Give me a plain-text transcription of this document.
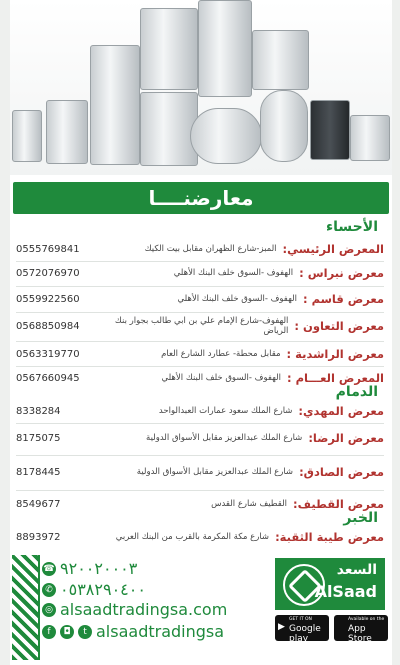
معارضنــــا
الأحساء
المعرض الرئيسي:
المبز-شارع الظهران مقابل بيت الكيك
0555769841
معرض نبراس :
الهفوف -السوق خلف البنك الأهلي
0572076970
معرض قاسم :
الهفوف -السوق خلف البنك الأهلي
0559922560
معرض التعاون :
الهفوف-شارع الإمام علي بن ابي طالب بجوار بنك الرياض
0568850984
معرض الراشدية :
مقابل محطة- عطارد الشارع العام
0563319770
المعرض العـــام :
الهفوف -السوق خلف البنك الأهلي
0567660945
الدمام
معرض المهدي:
شارع الملك سعود عمارات العبدالواحد
8338284
معرض الرضا:
شارع الملك عبدالعزيز مقابل الأسواق الدولية
8175075
معرض الصادق:
شارع الملك عبدالعزيز مقابل الأسواق الدولية
8178445
معرض القطيف:
القطيف شارع القدس
8549677
الخبر
معرض طيبة الثقبة:
شارع مكة المكرمة بالقرب من البنك العربي
8893972
☎ ٩٢٠٠٢٠٠٠٣
✆ ٠٥٣٨٢٩٠٤٠٠
◎ alsaadtradingsa.com
f	◘	t alsaadtradingsa
السعد
AlSaad
▶
GET IT ON
Google play
Available on the
App Store
